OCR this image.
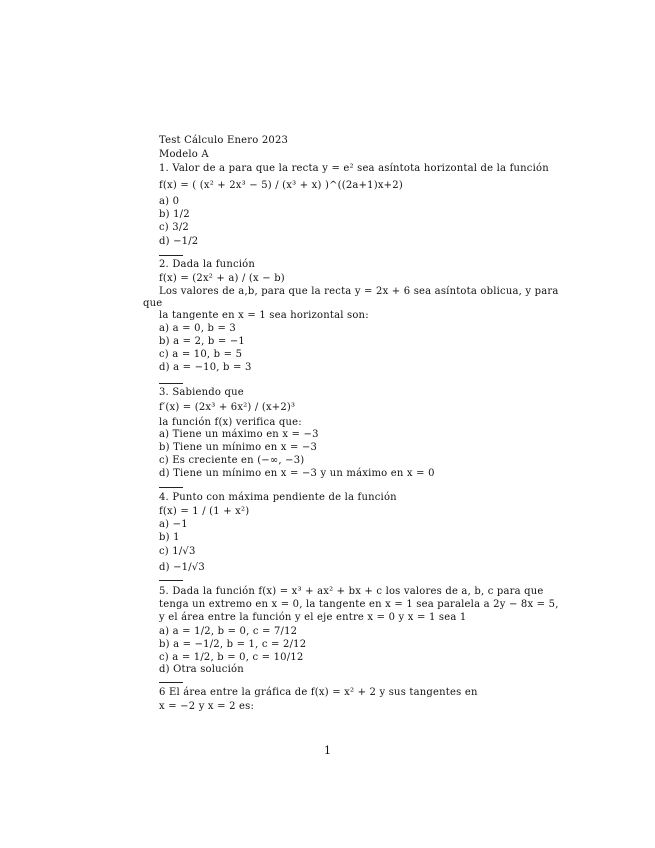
Test Cálculo Enero 2023
Modelo A
1. Valor de a para que la recta y = e² sea asíntota horizontal de la función
f(x) = ( (x² + 2x³ − 5) / (x³ + x) )^((2a+1)x+2)
a) 0
b) 1/2
c) 3/2
d) −1/2
2. Dada la función
f(x) = (2x² + a) / (x − b)
Los valores de a,b, para que la recta y = 2x + 6 sea asíntota oblicua, y para
que
la tangente en x = 1 sea horizontal son:
a) a = 0, b = 3
b) a = 2, b = −1
c) a = 10, b = 5
d) a = −10, b = 3
3. Sabiendo que
f′(x) = (2x³ + 6x²) / (x+2)³
la función f(x) verifica que:
a) Tiene un máximo en x = −3
b) Tiene un mínimo en x = −3
c) Es creciente en (−∞, −3)
d) Tiene un mínimo en x = −3 y un máximo en x = 0
4. Punto con máxima pendiente de la función
f(x) = 1 / (1 + x²)
a) −1
b) 1
c) 1/√3
d) −1/√3
5. Dada la función f(x) = x³ + ax² + bx + c los valores de a, b, c para que
tenga un extremo en x = 0, la tangente en x = 1 sea paralela a 2y − 8x = 5,
y el área entre la función y el eje entre x = 0 y x = 1 sea 1
a) a = 1/2, b = 0, c = 7/12
b) a = −1/2, b = 1, c = 2/12
c) a = 1/2, b = 0, c = 10/12
d) Otra solución
6 El área entre la gráfica de f(x) = x² + 2 y sus tangentes en
x = −2 y x = 2 es:
1
